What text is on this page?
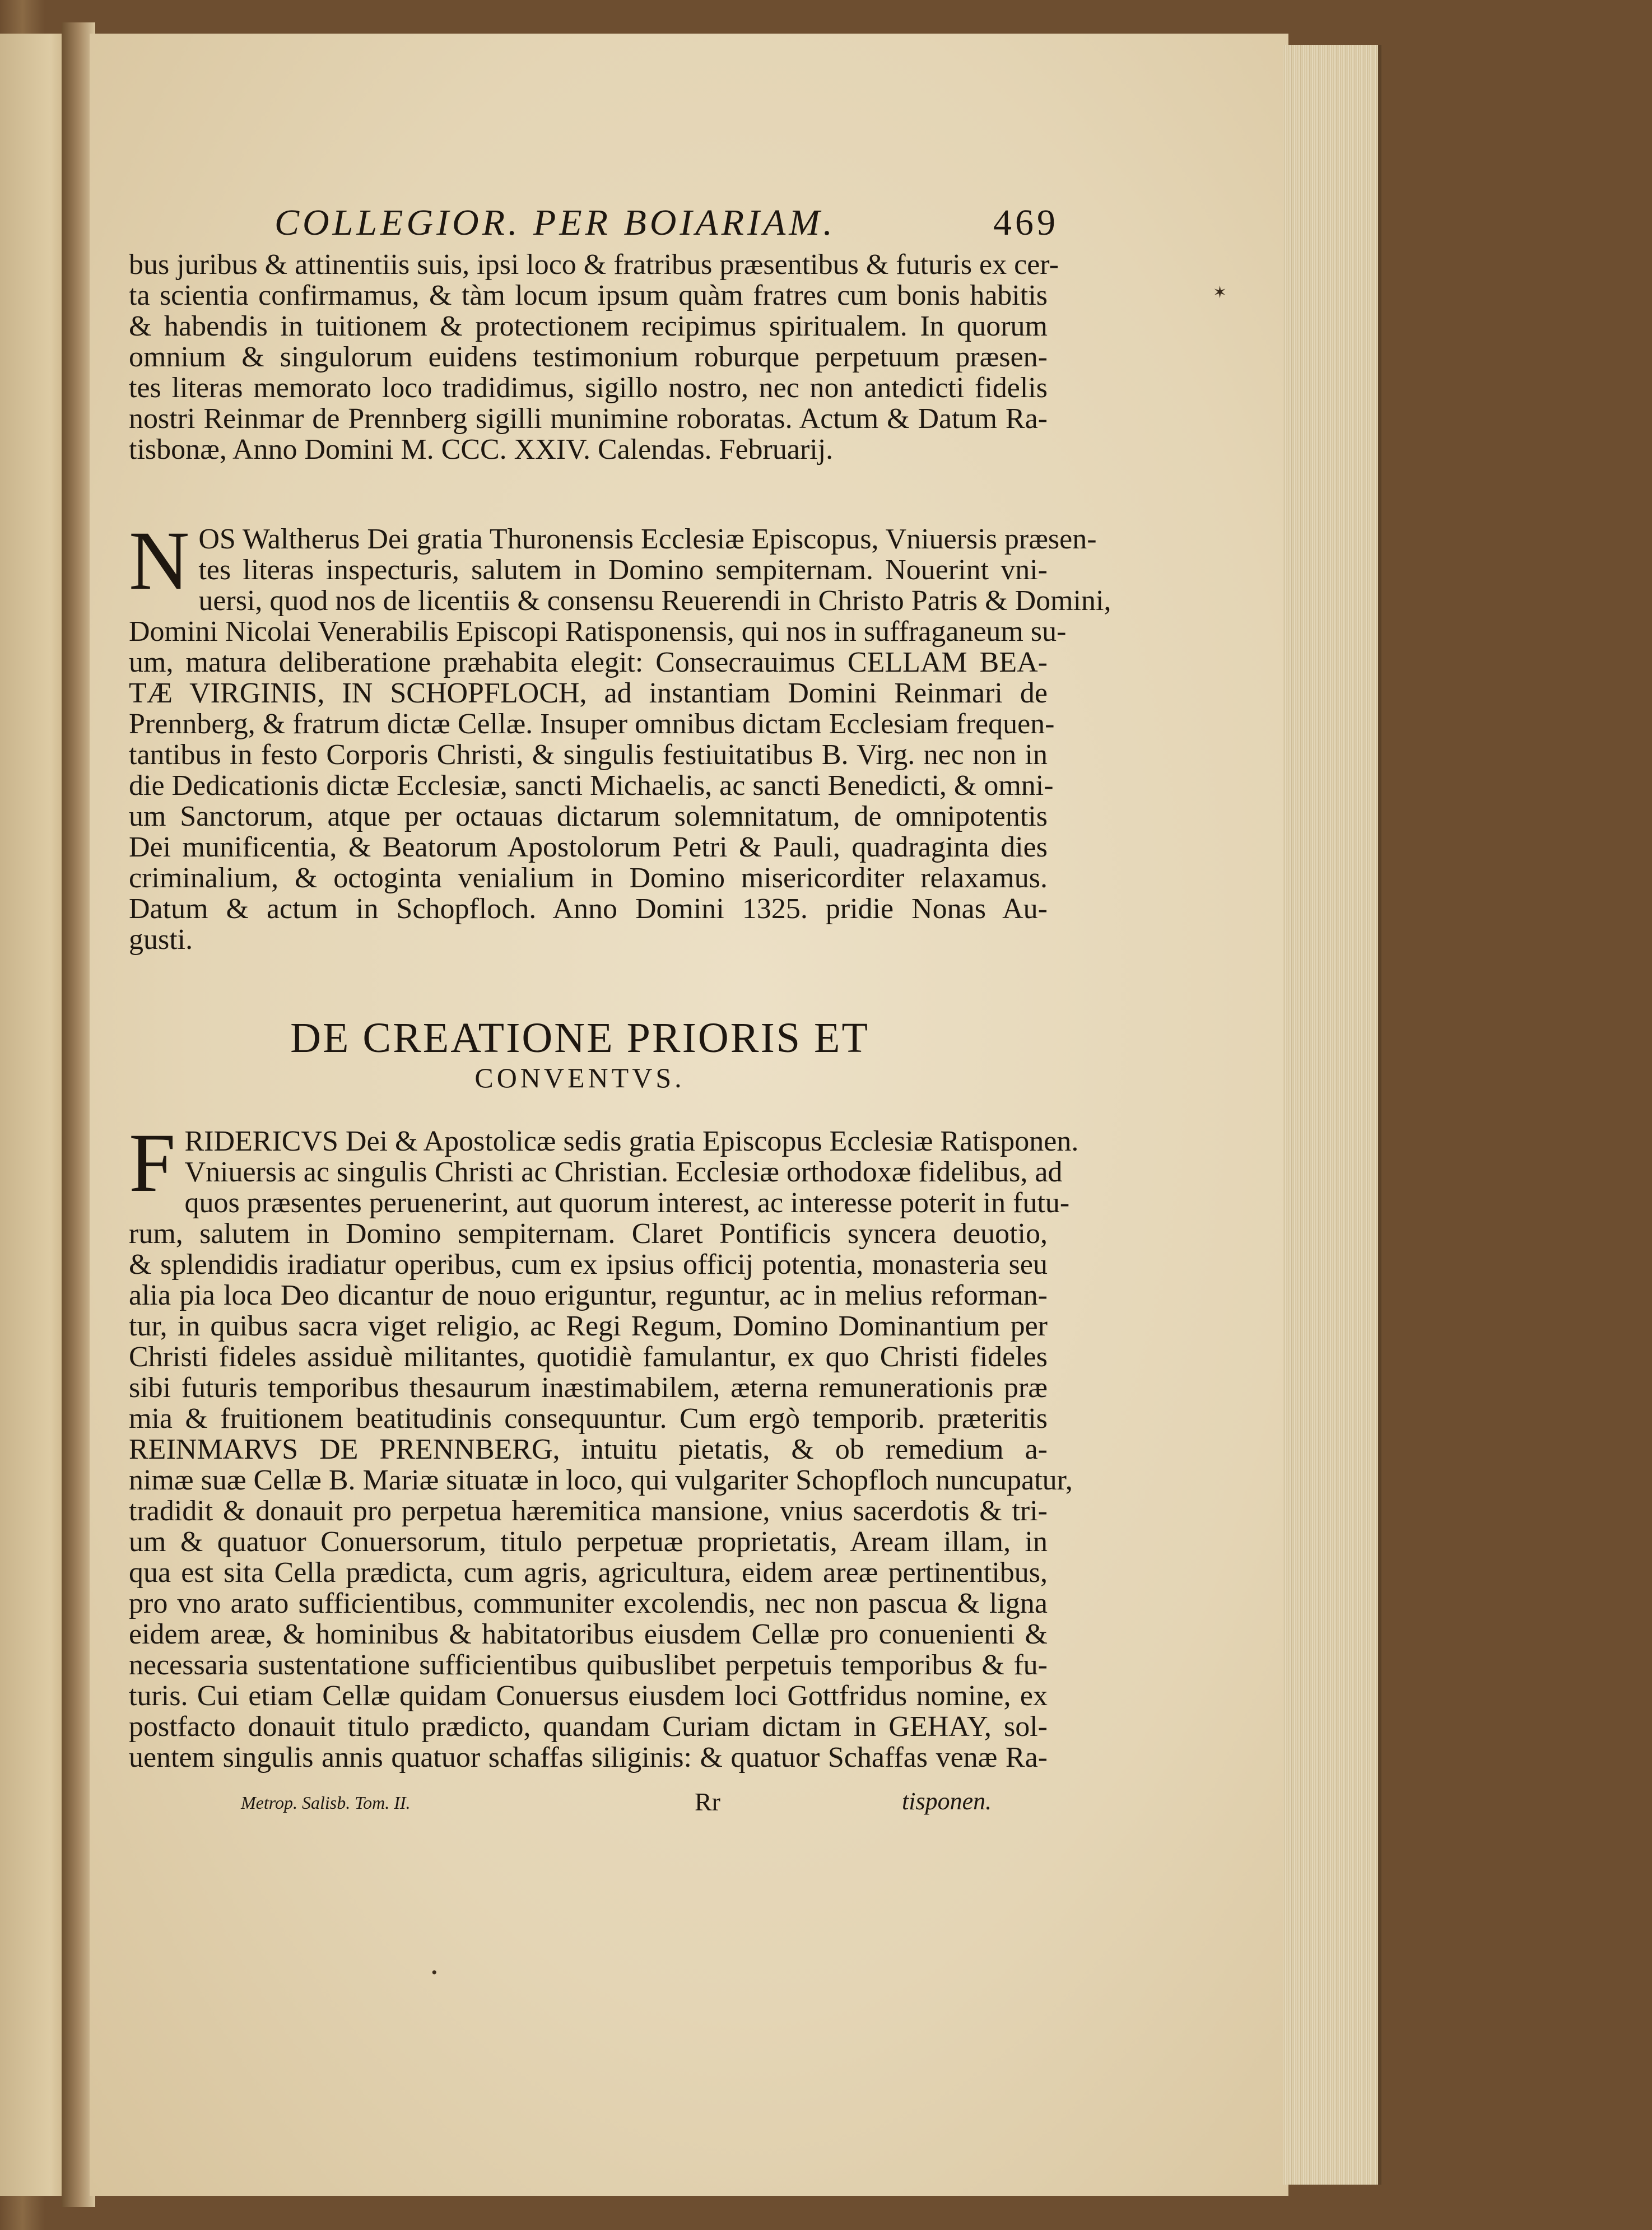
COLLEGIOR. PER BOIARIAM.	469
bus juribus & attinentiis suis, ipsi loco & fratribus præsentibus & futuris ex cer-
ta scientia confirmamus, & tàm locum ipsum quàm fratres cum bonis habitis
& habendis in tuitionem & protectionem recipimus spiritualem. In quorum
omnium & singulorum euidens testimonium roburque perpetuum præsen-
tes literas memorato loco tradidimus, sigillo nostro, nec non antedicti fidelis
nostri Reinmar de Prennberg sigilli munimine roboratas. Actum & Datum Ra-
tisbonæ, Anno Domini M. CCC. XXIV. Calendas. Februarij.
N OS Waltherus Dei gratia Thuronensis Ecclesiæ Episcopus, Vniuersis præsen-
tes literas inspecturis, salutem in Domino sempiternam. Nouerint vni-
uersi, quod nos de licentiis & consensu Reuerendi in Christo Patris & Domini,
Domini Nicolai Venerabilis Episcopi Ratisponensis, qui nos in suffraganeum su-
um, matura deliberatione præhabita elegit: Consecrauimus CELLAM BEA-
TÆ VIRGINIS, IN SCHOPFLOCH, ad instantiam Domini Reinmari de
Prennberg, & fratrum dictæ Cellæ. Insuper omnibus dictam Ecclesiam frequen-
tantibus in festo Corporis Christi, & singulis festiuitatibus B. Virg. nec non in
die Dedicationis dictæ Ecclesiæ, sancti Michaelis, ac sancti Benedicti, & omni-
um Sanctorum, atque per octauas dictarum solemnitatum, de omnipotentis
Dei munificentia, & Beatorum Apostolorum Petri & Pauli, quadraginta dies
criminalium, & octoginta venialium in Domino misericorditer relaxamus.
Datum & actum in Schopfloch. Anno Domini 1325. pridie Nonas Au-
gusti.
DE CREATIONE PRIORIS ET
CONVENTVS.
F RIDERICVS Dei & Apostolicæ sedis gratia Episcopus Ecclesiæ Ratisponen.
Vniuersis ac singulis Christi ac Christian. Ecclesiæ orthodoxæ fidelibus, ad
quos præsentes peruenerint, aut quorum interest, ac interesse poterit in futu-
rum, salutem in Domino sempiternam. Claret Pontificis syncera deuotio,
& splendidis iradiatur operibus, cum ex ipsius officij potentia, monasteria seu
alia pia loca Deo dicantur de nouo eriguntur, reguntur, ac in melius reforman-
tur, in quibus sacra viget religio, ac Regi Regum, Domino Dominantium per
Christi fideles assiduè militantes, quotidiè famulantur, ex quo Christi fideles
sibi futuris temporibus thesaurum inæstimabilem, æterna remunerationis præ
mia & fruitionem beatitudinis consequuntur. Cum ergò temporib. præteritis
REINMARVS DE PRENNBERG, intuitu pietatis, & ob remedium a-
nimæ suæ Cellæ B. Mariæ situatæ in loco, qui vulgariter Schopfloch nuncupatur,
tradidit & donauit pro perpetua hæremitica mansione, vnius sacerdotis & tri-
um & quatuor Conuersorum, titulo perpetuæ proprietatis, Aream illam, in
qua est sita Cella prædicta, cum agris, agricultura, eidem areæ pertinentibus,
pro vno arato sufficientibus, communiter excolendis, nec non pascua & ligna
eidem areæ, & hominibus & habitatoribus eiusdem Cellæ pro conuenienti &
necessaria sustentatione sufficientibus quibuslibet perpetuis temporibus & fu-
turis. Cui etiam Cellæ quidam Conuersus eiusdem loci Gottfridus nomine, ex
postfacto donauit titulo prædicto, quandam Curiam dictam in GEHAY, sol-
uentem singulis annis quatuor schaffas siliginis: & quatuor Schaffas venæ Ra-
Metrop. Salisb. Tom. II.	Rr	tisponen.
✶
•
